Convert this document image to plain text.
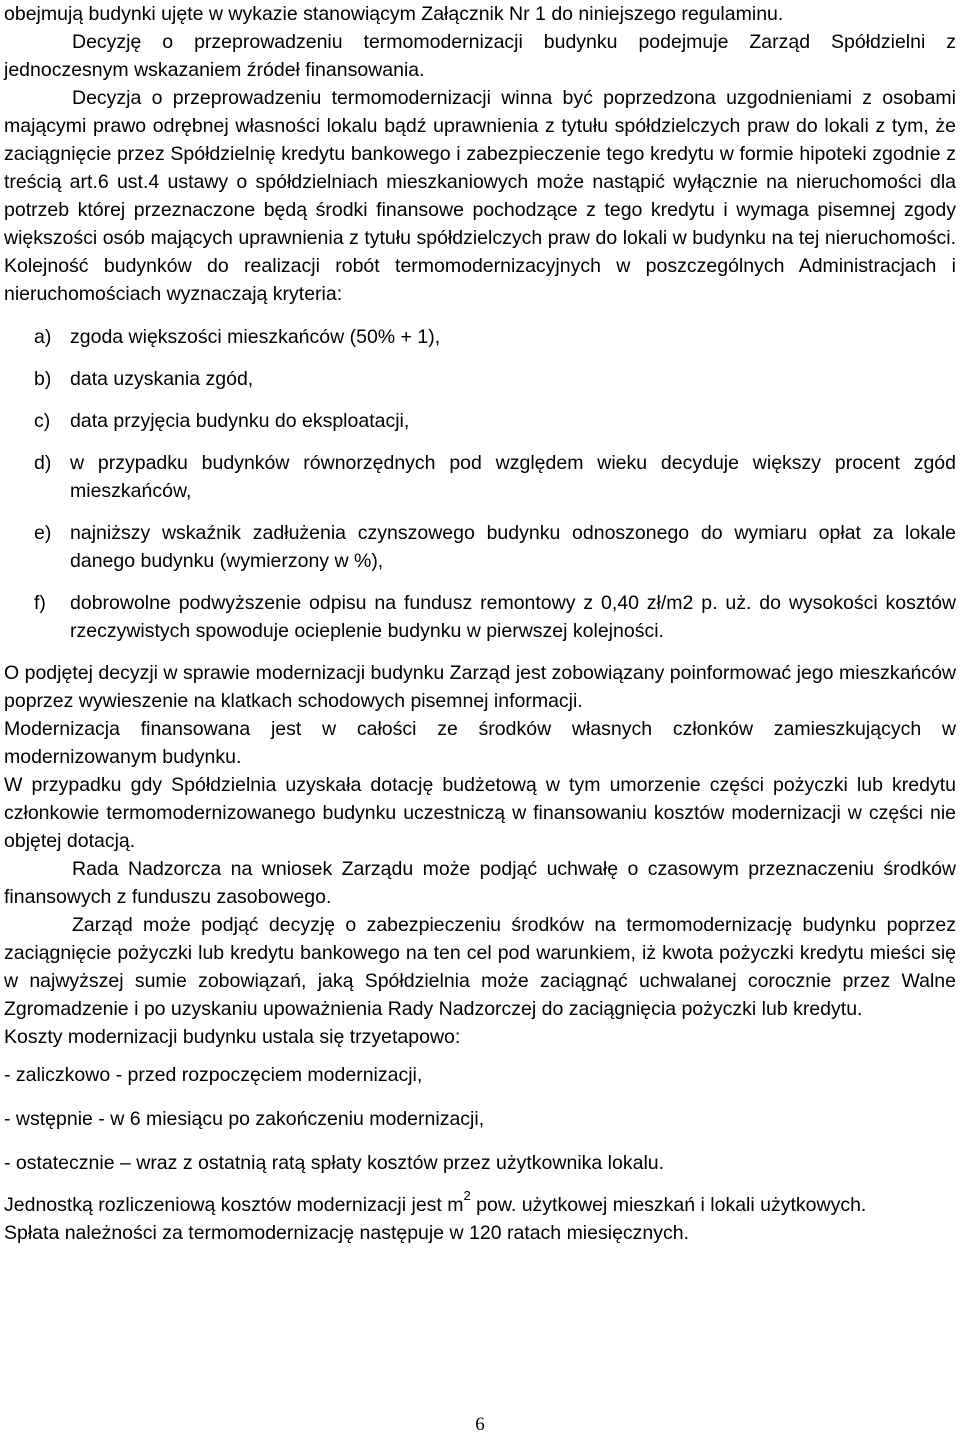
obejmują budynki ujęte w wykazie stanowiącym Załącznik Nr 1 do niniejszego regulaminu.

Decyzję o przeprowadzeniu termomodernizacji budynku podejmuje Zarząd Spółdzielni z jednoczesnym wskazaniem źródeł finansowania.

Decyzja o przeprowadzeniu termomodernizacji winna być poprzedzona uzgodnieniami z osobami mającymi prawo odrębnej własności lokalu bądź uprawnienia z tytułu spółdzielczych praw do lokali z tym, że zaciągnięcie przez Spółdzielnię kredytu bankowego i zabezpieczenie tego kredytu w formie hipoteki zgodnie z treścią art.6 ust.4 ustawy o spółdzielniach mieszkaniowych może nastąpić wyłącznie na nieruchomości dla potrzeb której przeznaczone będą środki finansowe pochodzące z tego kredytu i wymaga pisemnej zgody większości osób mających uprawnienia z tytułu spółdzielczych praw do lokali w budynku na tej nieruchomości. Kolejność budynków do realizacji robót termomodernizacyjnych w poszczególnych Administracjach i nieruchomościach wyznaczają kryteria:

a) zgoda większości mieszkańców (50% + 1),
b) data uzyskania zgód,
c) data przyjęcia budynku do eksploatacji,
d) w przypadku budynków równorzędnych pod względem wieku decyduje większy procent zgód mieszkańców,
e) najniższy wskaźnik zadłużenia czynszowego budynku odnoszonego do wymiaru opłat za lokale danego budynku (wymierzony w %),
f) dobrowolne podwyższenie odpisu na fundusz remontowy z 0,40 zł/m2 p. uż. do wysokości kosztów rzeczywistych spowoduje ocieplenie budynku w pierwszej kolejności.

O podjętej decyzji w sprawie modernizacji budynku Zarząd jest zobowiązany poinformować jego mieszkańców poprzez wywieszenie na klatkach schodowych pisemnej informacji.

Modernizacja finansowana jest w całości ze środków własnych członków zamieszkujących w modernizowanym budynku.

W przypadku gdy Spółdzielnia uzyskała dotację budżetową w tym umorzenie części pożyczki lub kredytu członkowie termomodernizowanego budynku uczestniczą w finansowaniu kosztów modernizacji w części nie objętej dotacją.

Rada Nadzorcza na wniosek Zarządu może podjąć uchwałę o czasowym przeznaczeniu środków finansowych z funduszu zasobowego.

Zarząd może podjąć decyzję o zabezpieczeniu środków na termomodernizację budynku poprzez zaciągnięcie pożyczki lub kredytu bankowego na ten cel pod warunkiem, iż kwota pożyczki kredytu mieści się w najwyższej sumie zobowiązań, jaką Spółdzielnia może zaciągnąć uchwalanej corocznie przez Walne Zgromadzenie i po uzyskaniu upoważnienia Rady Nadzorczej do zaciągnięcia pożyczki lub kredytu.

Koszty modernizacji budynku ustala się trzyetapowo:

- zaliczkowo - przed rozpoczęciem modernizacji,
- wstępnie - w 6 miesiącu po zakończeniu modernizacji,
- ostatecznie – wraz z ostatnią ratą spłaty kosztów przez użytkownika lokalu.

Jednostką rozliczeniową kosztów modernizacji jest $m^2$ pow. użytkowej mieszkań i lokali użytkowych.

Spłata należności za termomodernizację następuje w 120 ratach miesięcznych.

6
